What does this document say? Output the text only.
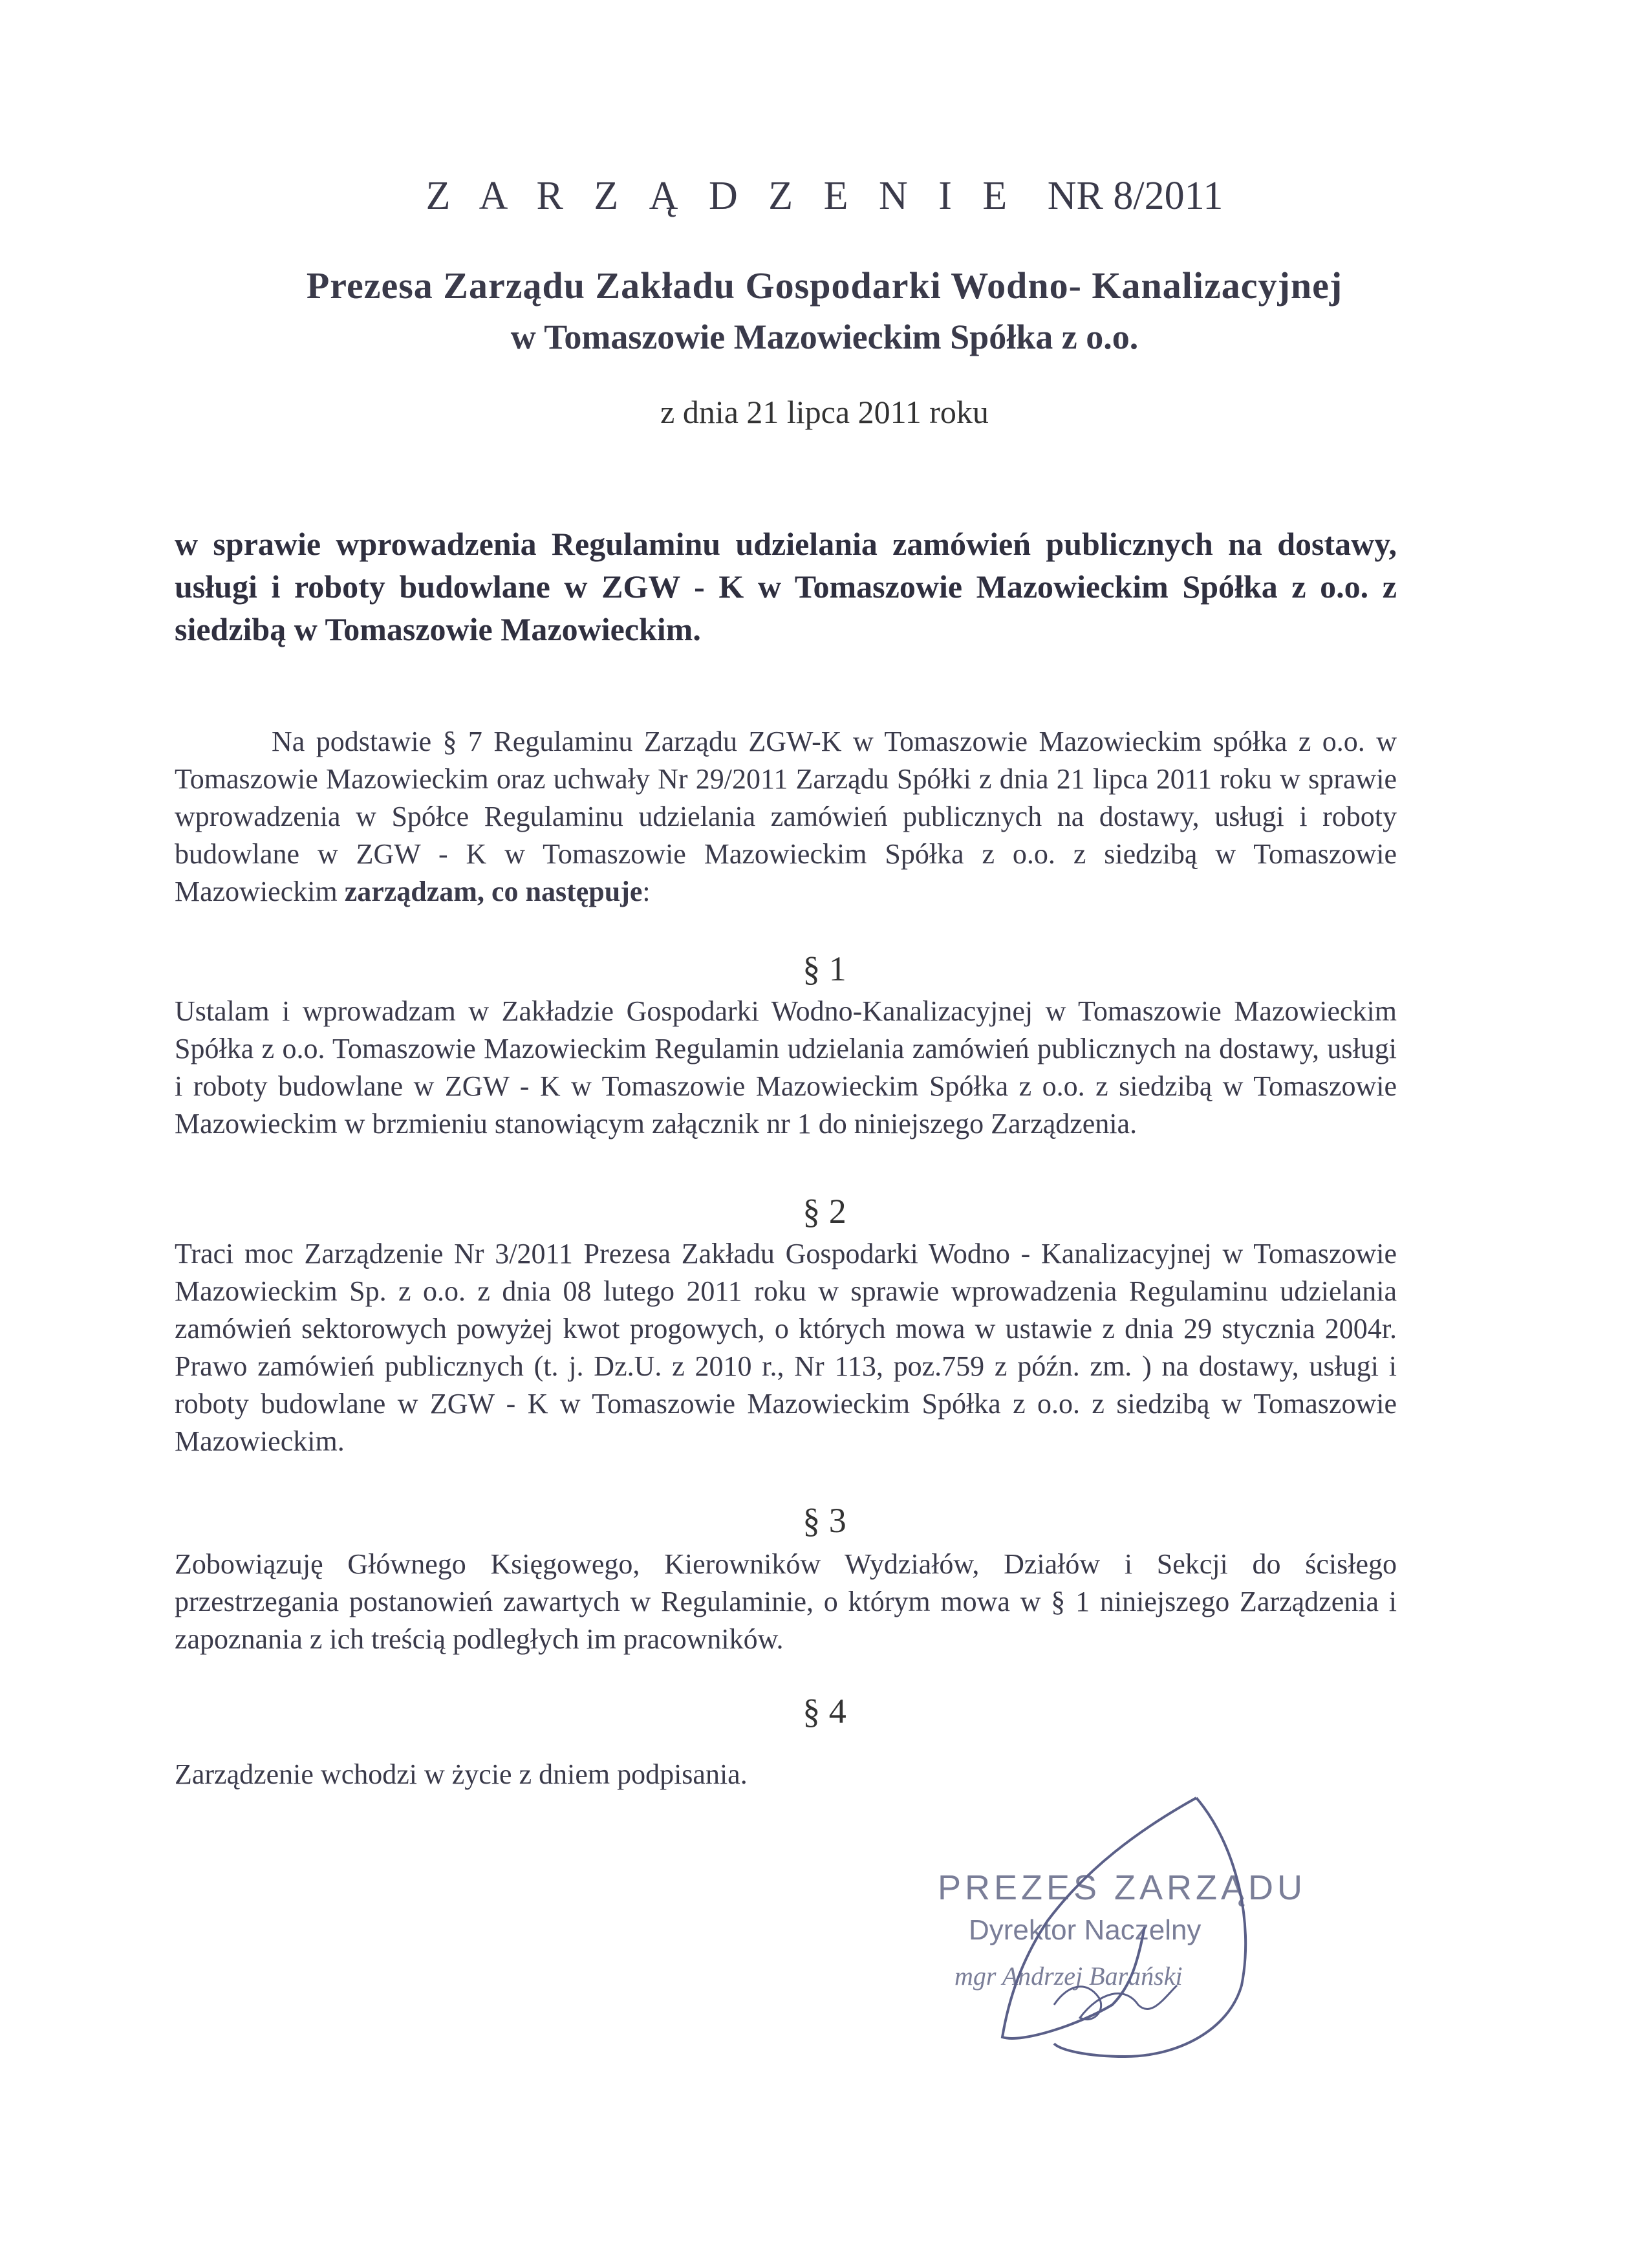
Z A R Z Ą D Z E N I E NR 8/2011
Prezesa Zarządu Zakładu Gospodarki Wodno- Kanalizacyjnej
w Tomaszowie Mazowieckim Spółka z o.o.
z dnia 21 lipca 2011 roku
w sprawie wprowadzenia Regulaminu udzielania zamówień publicznych na dostawy, usługi i roboty budowlane w ZGW - K w Tomaszowie Mazowieckim Spółka z o.o. z siedzibą w Tomaszowie Mazowieckim.
Na podstawie § 7 Regulaminu Zarządu ZGW-K w Tomaszowie Mazowieckim spółka z o.o. w Tomaszowie Mazowieckim oraz uchwały Nr 29/2011 Zarządu Spółki z dnia 21 lipca 2011 roku w sprawie wprowadzenia w Spółce Regulaminu udzielania zamówień publicznych na dostawy, usługi i roboty budowlane w ZGW - K w Tomaszowie Mazowieckim Spółka z o.o. z siedzibą w Tomaszowie Mazowieckim zarządzam, co następuje:
§ 1
Ustalam i wprowadzam w Zakładzie Gospodarki Wodno-Kanalizacyjnej w Tomaszowie Mazowieckim Spółka z o.o. Tomaszowie Mazowieckim Regulamin udzielania zamówień publicznych na dostawy, usługi i roboty budowlane w ZGW - K w Tomaszowie Mazowieckim Spółka z o.o. z siedzibą w Tomaszowie Mazowieckim w brzmieniu stanowiącym załącznik nr 1 do niniejszego Zarządzenia.
§ 2
Traci moc Zarządzenie Nr 3/2011 Prezesa Zakładu Gospodarki Wodno - Kanalizacyjnej w Tomaszowie Mazowieckim Sp. z o.o. z dnia 08 lutego 2011 roku w sprawie wprowadzenia Regulaminu udzielania zamówień sektorowych powyżej kwot progowych, o których mowa w ustawie z dnia 29 stycznia 2004r. Prawo zamówień publicznych (t. j. Dz.U. z 2010 r., Nr 113, poz.759 z późn. zm. ) na dostawy, usługi i roboty budowlane w ZGW - K w Tomaszowie Mazowieckim Spółka z o.o. z siedzibą w Tomaszowie Mazowieckim.
§ 3
Zobowiązuję Głównego Księgowego, Kierowników Wydziałów, Działów i Sekcji do ścisłego przestrzegania postanowień zawartych w Regulaminie, o którym mowa w § 1 niniejszego Zarządzenia i zapoznania z ich treścią podległych im pracowników.
§ 4
Zarządzenie wchodzi w życie z dniem podpisania.
PREZES ZARZĄDU
Dyrektor Naczelny
mgr Andrzej Barański
